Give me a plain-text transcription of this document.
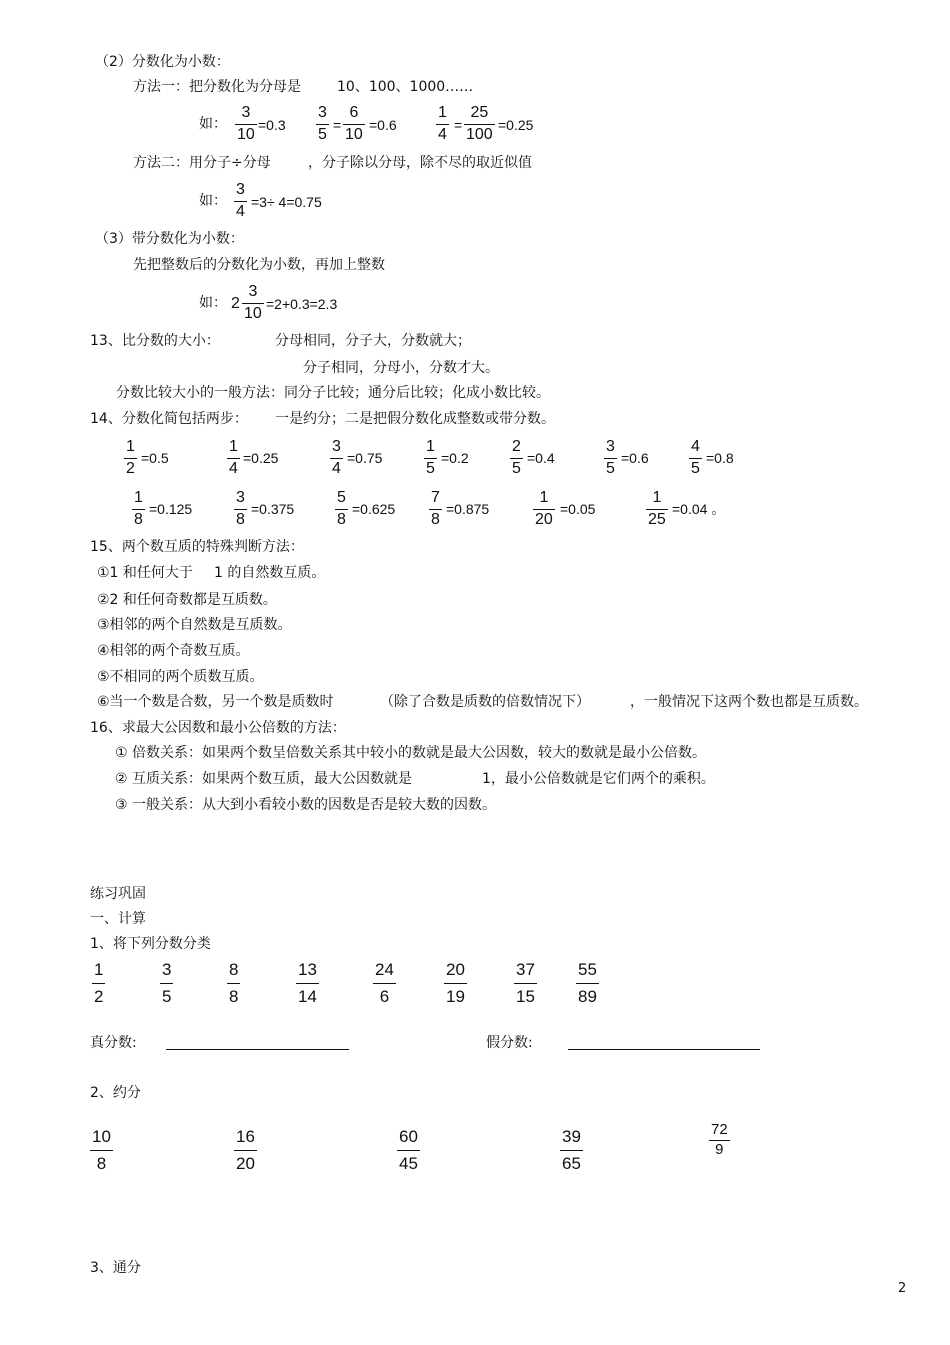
（2）分数化为小数：
方法一：把分数化为分母是	10、100、1000……
如：
3
10
=0.3
3
5
=
6
10
=0.6
1
4
=
25
100
=0.25
方法二：用分子÷分母	，分子除以分母，除不尽的取近似值
如：
3
4
=3÷ 4=0.75
（3）带分数化为小数：
先把整数后的分数化为小数，再加上整数
如： 2
3
10
=2+0.3=2.3
13、比分数的大小：	分母相同，分子大，分数就大；
分子相同，分母小，分数才大。
分数比较大小的一般方法：同分子比较；通分后比较；化成小数比较。
14、分数化简包括两步： 一是约分；二是把假分数化成整数或带分数。
1
2
=0.5
1
4
=0.25
3
4
=0.75
1
5
=0.2
2
5
=0.4
3
5
=0.6
4
5
=0.8
1
8
=0.125
3
8
=0.375
5
8
=0.625
7
8
=0.875
1
20
=0.05
1
25
=0.04 。
15、两个数互质的特殊判断方法：
①1 和任何大于 1 的自然数互质。
②2 和任何奇数都是互质数。
③相邻的两个自然数是互质数。
④相邻的两个奇数互质。
⑤不相同的两个质数互质。
⑥当一个数是合数，另一个数是质数时	（除了合数是质数的倍数情况下）	，一般情况下这两个数也都是互质数。
16、求最大公因数和最小公倍数的方法：
① 倍数关系：如果两个数呈倍数关系其中较小的数就是最大公因数，较大的数就是最小公倍数。
② 互质关系：如果两个数互质，最大公因数就是	1，最小公倍数就是它们两个的乘积。
③ 一般关系：从大到小看较小数的因数是否是较大数的因数。
练习巩固
一、计算
1、将下列分数分类
1
2
3
5
8
8
13
14
24
6
20
19
37
15
55
89
真分数:	假分数:
2、约分
10
8
16
20
60
45
39
65
72
9
3、通分
2
